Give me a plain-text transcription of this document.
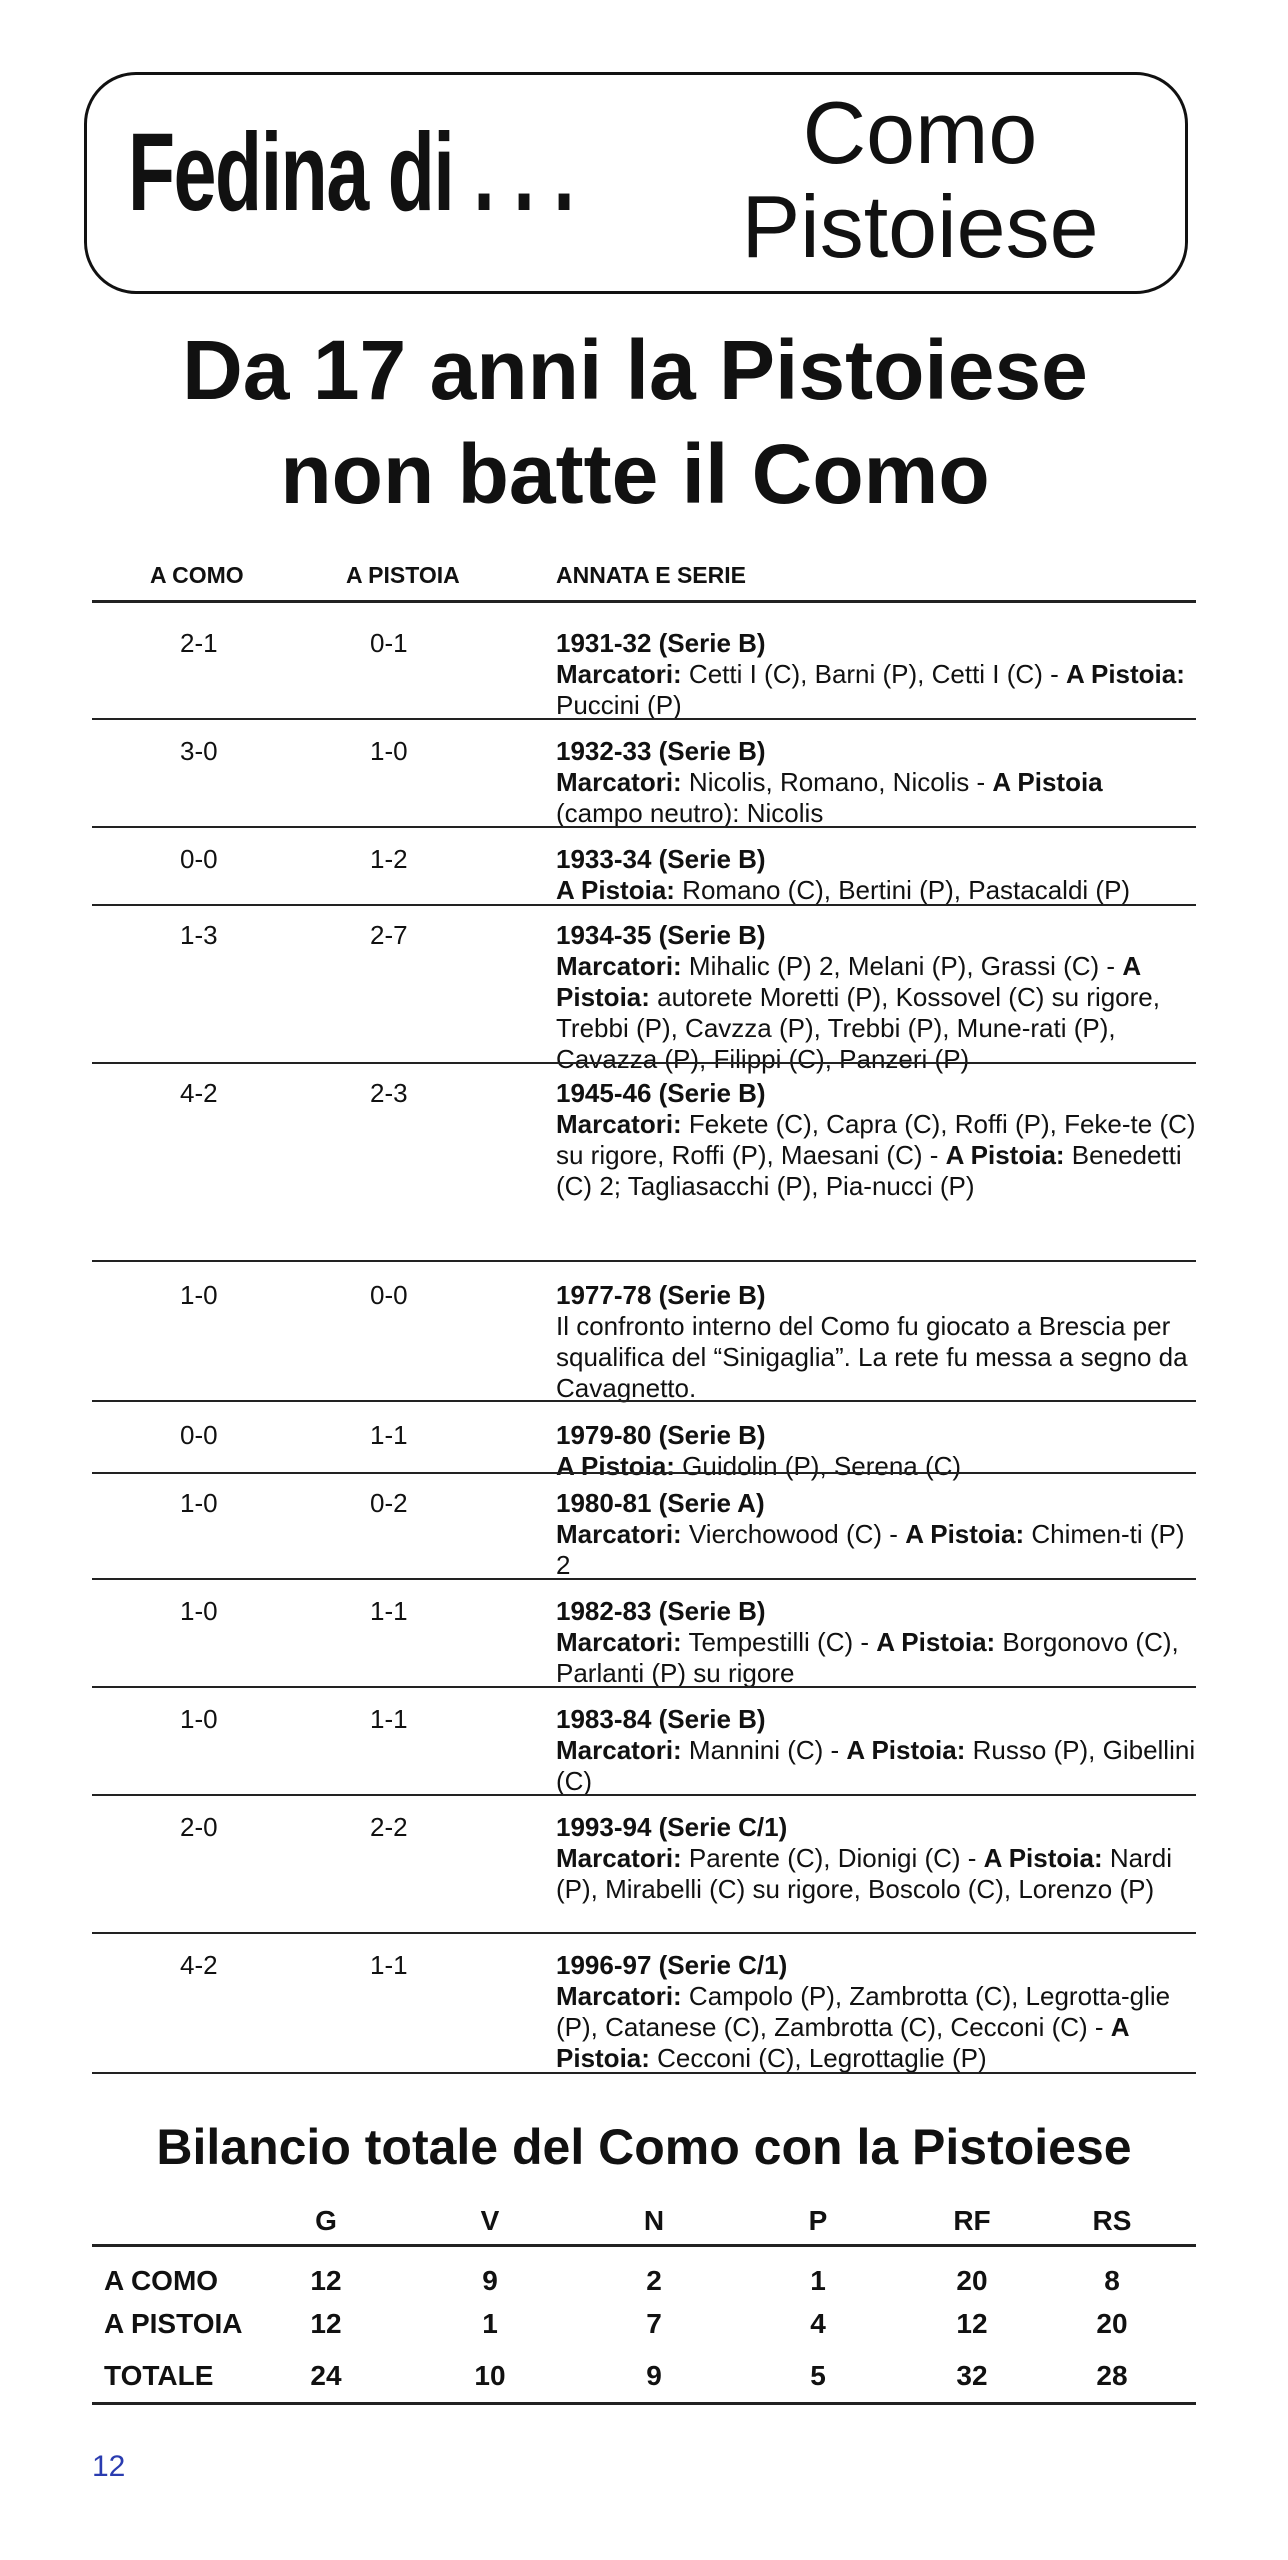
Fedina di . . .	Como
Pistoiese
Da 17 anni la Pistoiese
non batte il Como
A COMO	A PISTOIA	ANNATA E SERIE
2-1	0-1	1931-32 (Serie B)
Marcatori: Cetti I (C), Barni (P), Cetti I (C) - A Pistoia: Puccini (P)
3-0	1-0	1932-33 (Serie B)
Marcatori: Nicolis, Romano, Nicolis - A Pistoia (campo neutro): Nicolis
0-0	1-2	1933-34 (Serie B)
A Pistoia: Romano (C), Bertini (P), Pastacaldi (P)
1-3	2-7	1934-35 (Serie B)
Marcatori: Mihalic (P) 2, Melani (P), Grassi (C) - A Pistoia: autorete Moretti (P), Kossovel (C) su rigore, Trebbi (P), Cavzza (P), Trebbi (P), Mune-rati (P), Cavazza (P), Filippi (C), Panzeri (P)
4-2	2-3	1945-46 (Serie B)
Marcatori: Fekete (C), Capra (C), Roffi (P), Feke-te (C) su rigore, Roffi (P), Maesani (C) - A Pistoia: Benedetti (C) 2; Tagliasacchi (P), Pia-nucci (P)
1-0	0-0	1977-78 (Serie B)
Il confronto interno del Como fu giocato a Brescia per squalifica del “Sinigaglia”. La rete fu messa a segno da Cavagnetto.
0-0	1-1	1979-80 (Serie B)
A Pistoia: Guidolin (P), Serena (C)
1-0	0-2	1980-81 (Serie A)
Marcatori: Vierchowood (C) - A Pistoia: Chimen-ti (P) 2
1-0	1-1	1982-83 (Serie B)
Marcatori: Tempestilli (C) - A Pistoia: Borgonovo (C), Parlanti (P) su rigore
1-0	1-1	1983-84 (Serie B)
Marcatori: Mannini (C) - A Pistoia: Russo (P), Gibellini (C)
2-0	2-2	1993-94 (Serie C/1)
Marcatori: Parente (C), Dionigi (C) - A Pistoia: Nardi (P), Mirabelli (C) su rigore, Boscolo (C), Lorenzo (P)
4-2	1-1	1996-97 (Serie C/1)
Marcatori: Campolo (P), Zambrotta (C), Legrotta-glie (P), Catanese (C), Zambrotta (C), Cecconi (C) - A Pistoia: Cecconi (C), Legrottaglie (P)
Bilancio totale del Como con la Pistoiese
G	V	N	P	RF	RS
A COMO	12	9	2	1	20	8
A PISTOIA	12	1	7	4	12	20
TOTALE	24	10	9	5	32	28
12
